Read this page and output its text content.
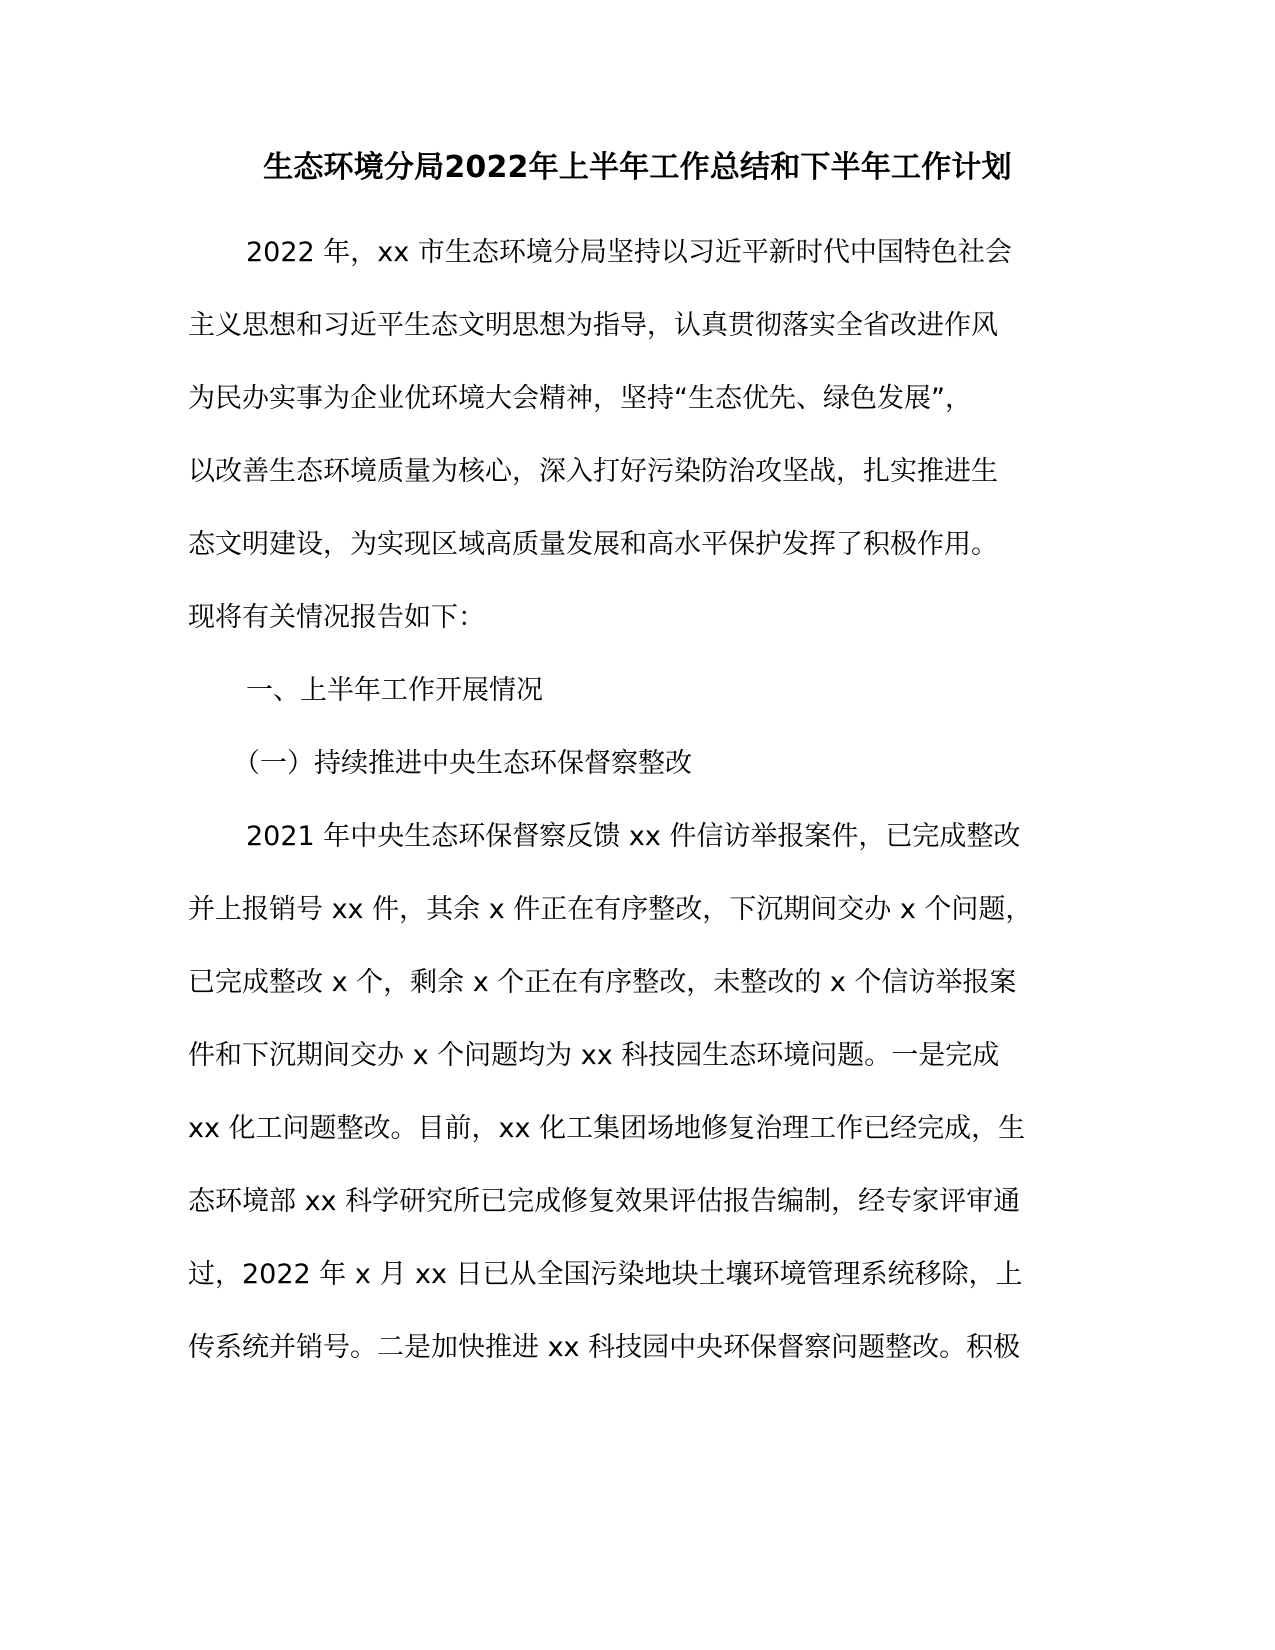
生态环境分局2022年上半年工作总结和下半年工作计划

2022 年，xx 市生态环境分局坚持以习近平新时代中国特色社会

主义思想和习近平生态文明思想为指导，认真贯彻落实全省改进作风

为民办实事为企业优环境大会精神，坚持“生态优先、绿色发展”，

以改善生态环境质量为核心，深入打好污染防治攻坚战，扎实推进生

态文明建设，为实现区域高质量发展和高水平保护发挥了积极作用。

现将有关情况报告如下：

一、上半年工作开展情况

（一）持续推进中央生态环保督察整改

2021 年中央生态环保督察反馈 xx 件信访举报案件，已完成整改

并上报销号 xx 件，其余 x 件正在有序整改，下沉期间交办 x 个问题，

已完成整改 x 个，剩余 x 个正在有序整改，未整改的 x 个信访举报案

件和下沉期间交办 x 个问题均为 xx 科技园生态环境问题。一是完成

xx 化工问题整改。目前，xx 化工集团场地修复治理工作已经完成，生

态环境部 xx 科学研究所已完成修复效果评估报告编制，经专家评审通

过，2022 年 x 月 xx 日已从全国污染地块土壤环境管理系统移除，上

传系统并销号。二是加快推进 xx 科技园中央环保督察问题整改。积极
